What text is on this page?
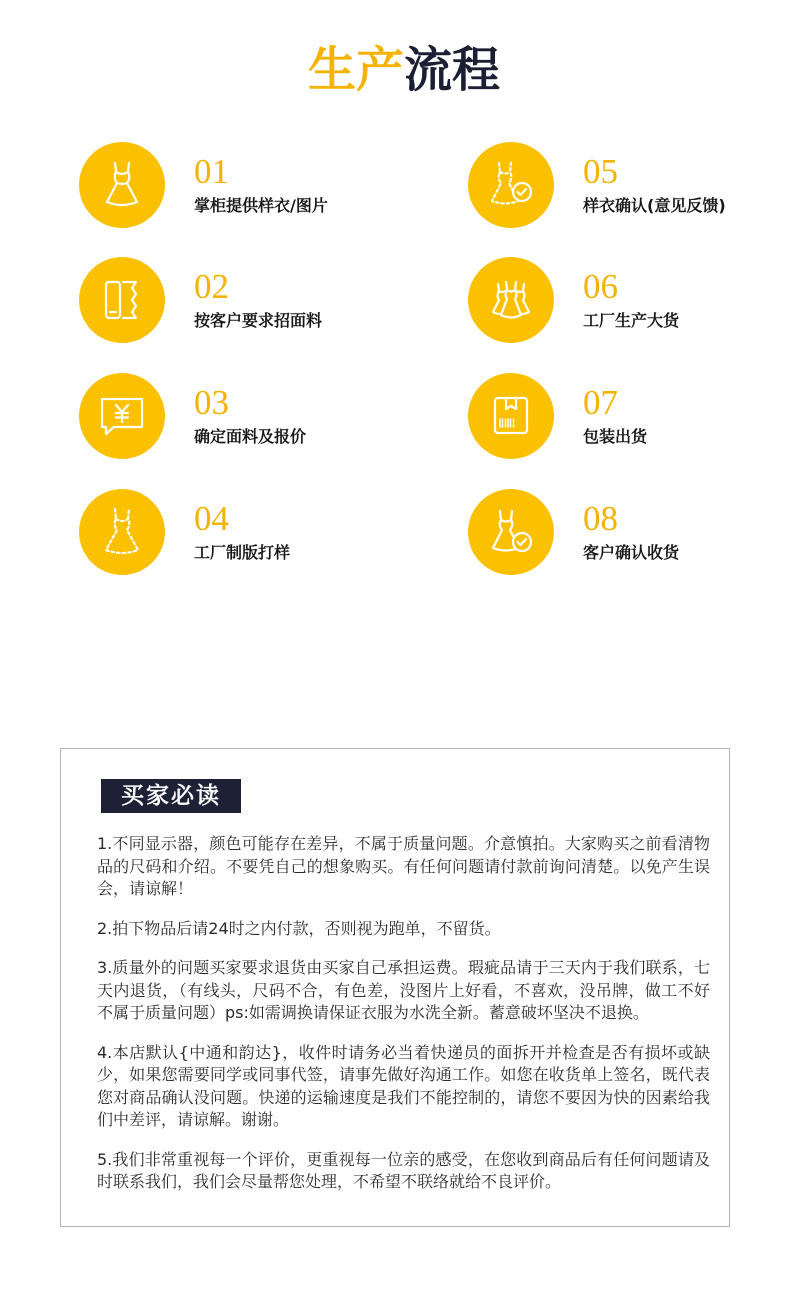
生产流程
01
掌柜提供样衣/图片
02
按客户要求招面料
03
确定面料及报价
04
工厂制版打样
05
样衣确认(意见反馈)
06
工厂生产大货
07
包装出货
08
客户确认收货
买家必读

1.不同显示器，颜色可能存在差异，不属于质量问题。介意慎拍。大家购买之前看清物品的尺码和介绍。不要凭自己的想象购买。有任何问题请付款前询问清楚。以免产生误会，请谅解！

2.拍下物品后请24时之内付款，否则视为跑单，不留货。

3.质量外的问题买家要求退货由买家自己承担运费。瑕疵品请于三天内于我们联系，七天内退货，（有线头，尺码不合，有色差，没图片上好看，不喜欢，没吊牌，做工不好不属于质量问题）ps:如需调换请保证衣服为水洗全新。蓄意破坏坚决不退换。

4.本店默认{中通和韵达}，收件时请务必当着快递员的面拆开并检查是否有损坏或缺少，如果您需要同学或同事代签，请事先做好沟通工作。如您在收货单上签名，既代表您对商品确认没问题。快递的运输速度是我们不能控制的，请您不要因为快的因素给我们中差评，请谅解。谢谢。

5.我们非常重视每一个评价，更重视每一位亲的感受，在您收到商品后有任何问题请及时联系我们，我们会尽量帮您处理，不希望不联络就给不良评价。
